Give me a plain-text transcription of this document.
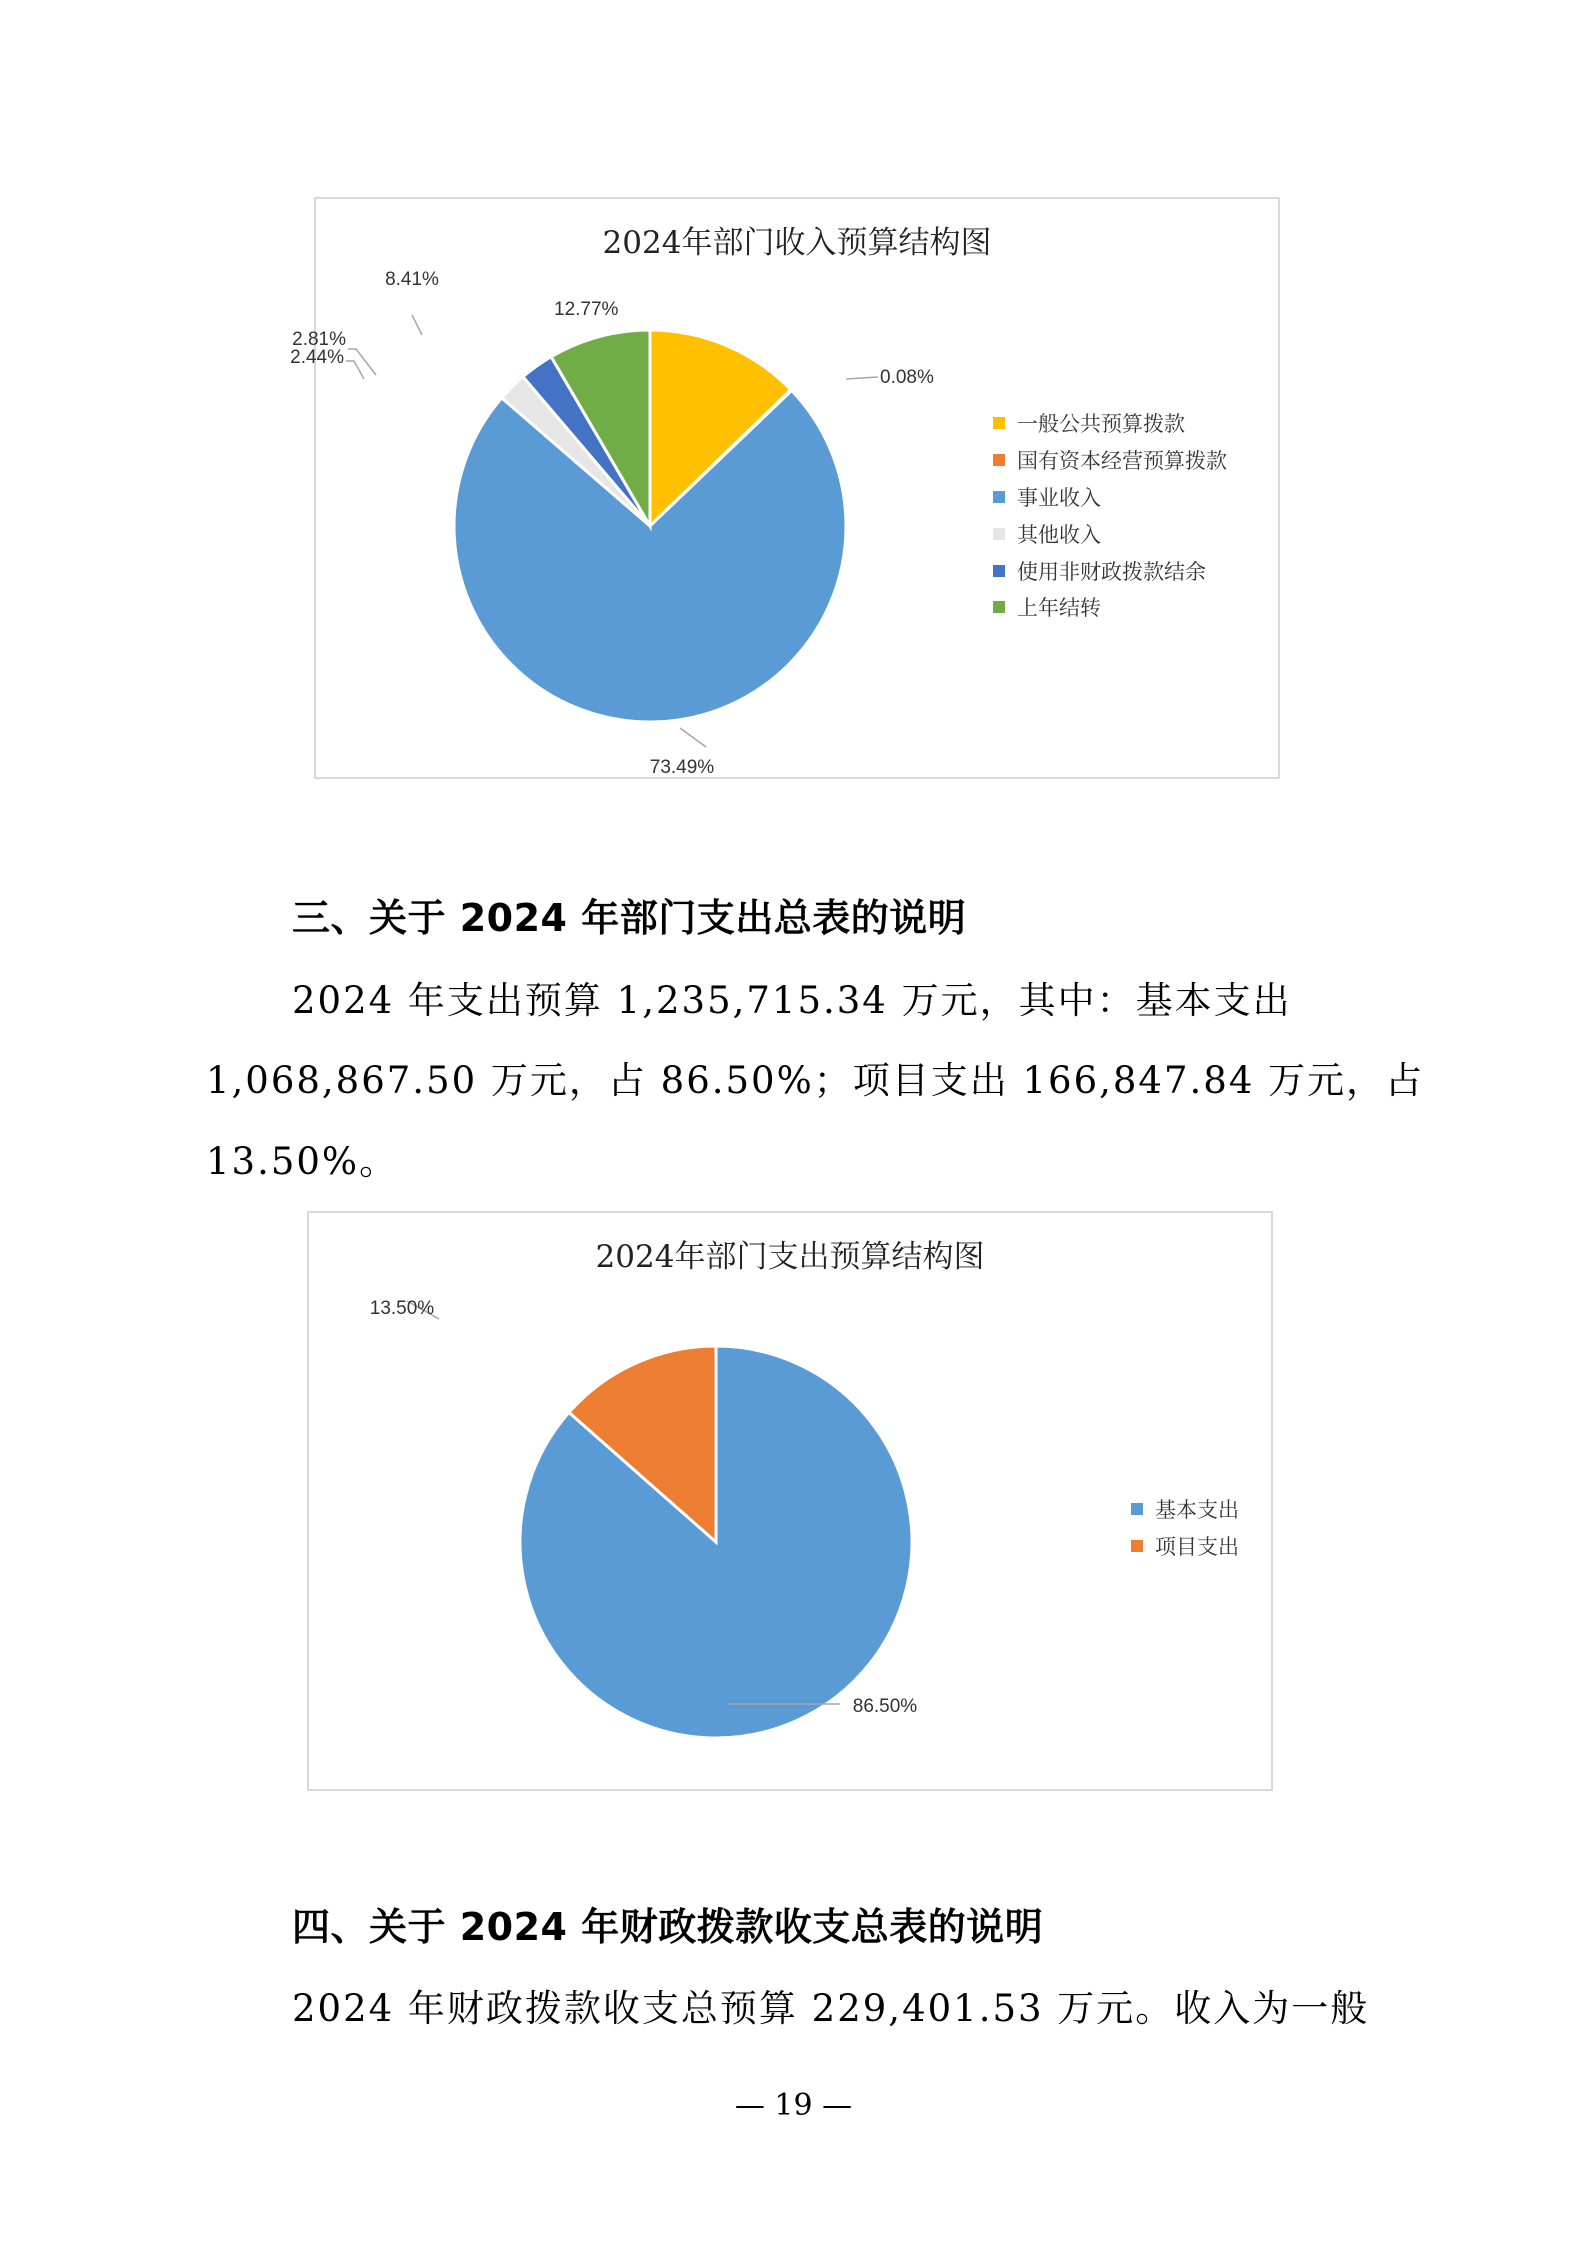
2024年部门收入预算结构图
12.77%
0.08%
73.49%
2.44%
2.81%
8.41%
一般公共预算拨款
国有资本经营预算拨款
事业收入
其他收入
使用非财政拨款结余
上年结转
三、关于 2024 年部门支出总表的说明
2024 年支出预算 1,235,715.34 万元，其中：基本支出
1,068,867.50 万元，占 86.50%；项目支出 166,847.84 万元，占
13.50%。
2024年部门支出预算结构图
86.50%
13.50%
基本支出
项目支出
四、关于 2024 年财政拨款收支总表的说明
2024 年财政拨款收支总预算 229,401.53 万元。收入为一般
— 19 —
